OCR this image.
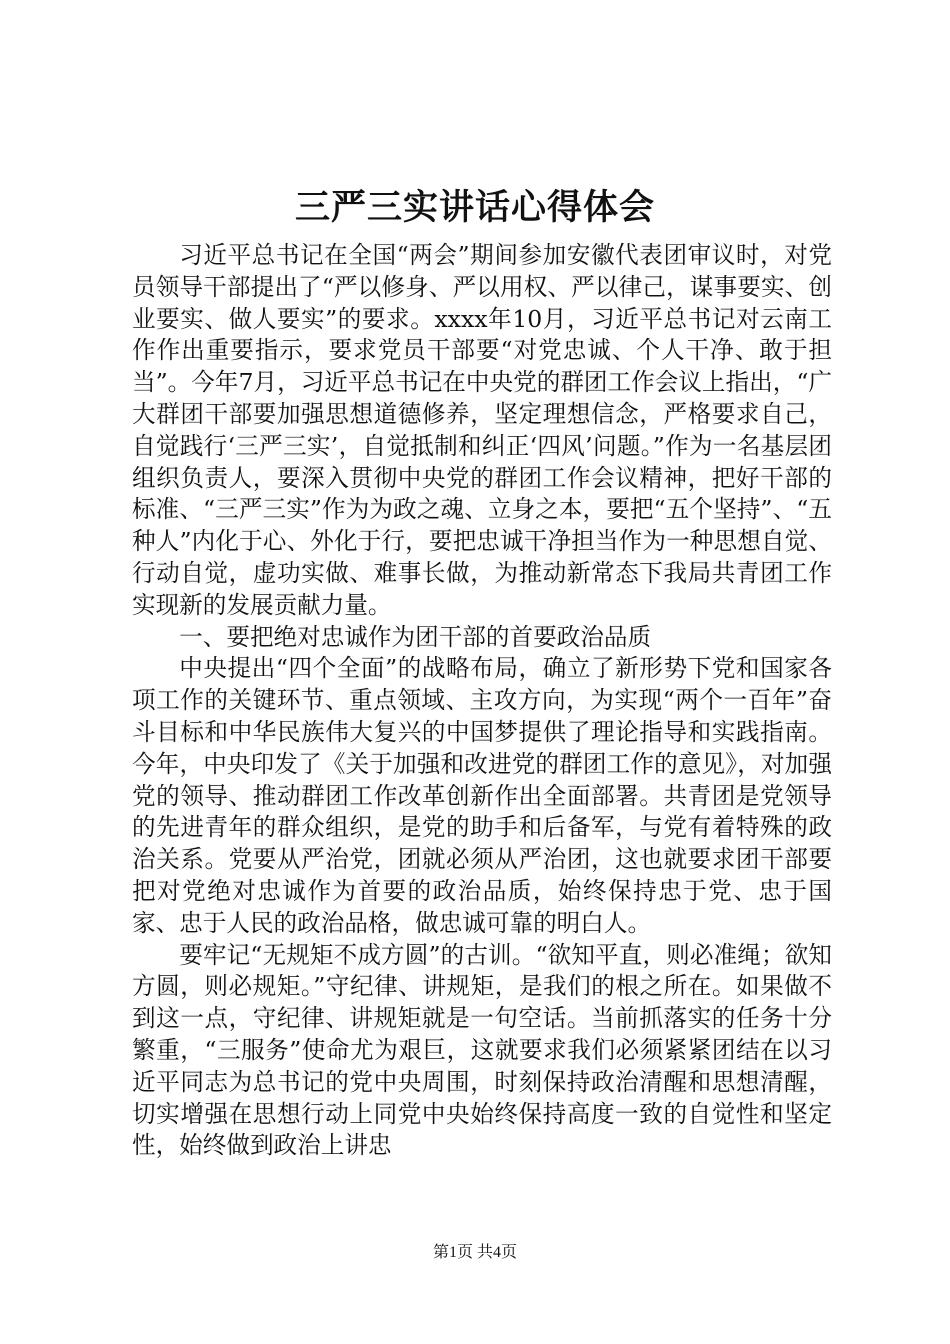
三严三实讲话心得体会

习近平总书记在全国“两会”期间参加安徽代表团审议时，对党员领导干部提出了“严以修身、严以用权、严以律己，谋事要实、创业要实、做人要实”的要求。xxxx年10月，习近平总书记对云南工作作出重要指示，要求党员干部要“对党忠诚、个人干净、敢于担当”。今年7月，习近平总书记在中央党的群团工作会议上指出，“广大群团干部要加强思想道德修养，坚定理想信念，严格要求自己，自觉践行‘三严三实’，自觉抵制和纠正‘四风’问题。”作为一名基层团组织负责人，要深入贯彻中央党的群团工作会议精神，把好干部的标准、“三严三实”作为为政之魂、立身之本，要把“五个坚持”、“五种人”内化于心、外化于行，要把忠诚干净担当作为一种思想自觉、行动自觉，虚功实做、难事长做，为推动新常态下我局共青团工作实现新的发展贡献力量。

一、要把绝对忠诚作为团干部的首要政治品质

中央提出“四个全面”的战略布局，确立了新形势下党和国家各项工作的关键环节、重点领域、主攻方向，为实现“两个一百年”奋斗目标和中华民族伟大复兴的中国梦提供了理论指导和实践指南。今年，中央印发了《关于加强和改进党的群团工作的意见》，对加强党的领导、推动群团工作改革创新作出全面部署。共青团是党领导的先进青年的群众组织，是党的助手和后备军，与党有着特殊的政治关系。党要从严治党，团就必须从严治团，这也就要求团干部要把对党绝对忠诚作为首要的政治品质，始终保持忠于党、忠于国家、忠于人民的政治品格，做忠诚可靠的明白人。

要牢记“无规矩不成方圆”的古训。“欲知平直，则必准绳；欲知方圆，则必规矩。”守纪律、讲规矩，是我们的根之所在。如果做不到这一点，守纪律、讲规矩就是一句空话。当前抓落实的任务十分繁重，“三服务”使命尤为艰巨，这就要求我们必须紧紧团结在以习近平同志为总书记的党中央周围，时刻保持政治清醒和思想清醒，切实增强在思想行动上同党中央始终保持高度一致的自觉性和坚定性，始终做到政治上讲忠

第1页 共4页
